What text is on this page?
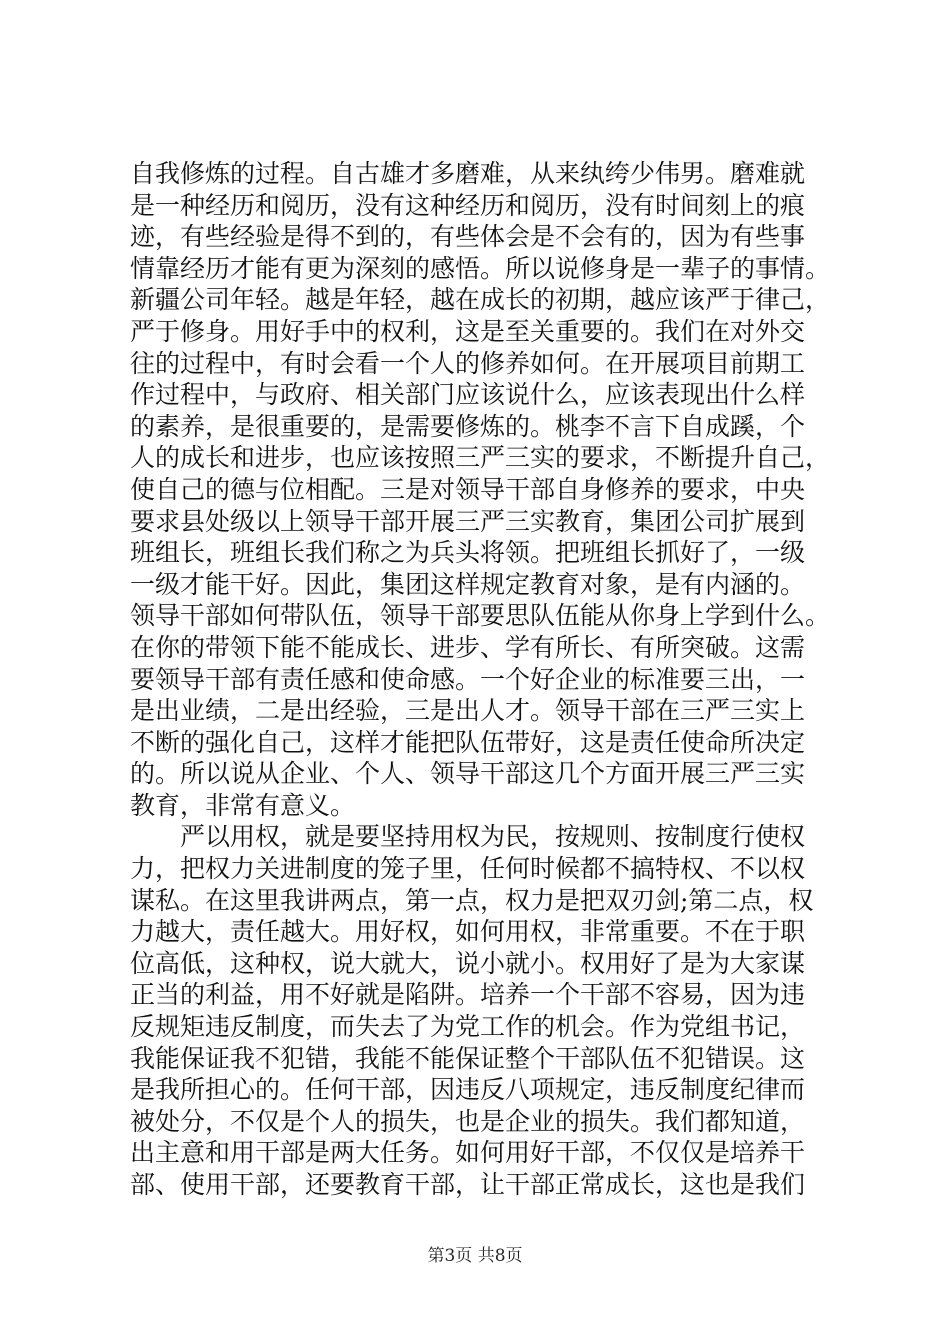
自我修炼的过程。自古雄才多磨难，从来纨绔少伟男。磨难就
是一种经历和阅历，没有这种经历和阅历，没有时间刻上的痕
迹，有些经验是得不到的，有些体会是不会有的，因为有些事
情靠经历才能有更为深刻的感悟。所以说修身是一辈子的事情。
新疆公司年轻。越是年轻，越在成长的初期，越应该严于律己，
严于修身。用好手中的权利，这是至关重要的。我们在对外交
往的过程中，有时会看一个人的修养如何。在开展项目前期工
作过程中，与政府、相关部门应该说什么，应该表现出什么样
的素养，是很重要的，是需要修炼的。桃李不言下自成蹊，个
人的成长和进步，也应该按照三严三实的要求，不断提升自己，
使自己的德与位相配。三是对领导干部自身修养的要求，中央
要求县处级以上领导干部开展三严三实教育，集团公司扩展到
班组长，班组长我们称之为兵头将领。把班组长抓好了，一级
一级才能干好。因此，集团这样规定教育对象，是有内涵的。
领导干部如何带队伍，领导干部要思队伍能从你身上学到什么。
在你的带领下能不能成长、进步、学有所长、有所突破。这需
要领导干部有责任感和使命感。一个好企业的标准要三出，一
是出业绩，二是出经验，三是出人才。领导干部在三严三实上
不断的强化自己，这样才能把队伍带好，这是责任使命所决定
的。所以说从企业、个人、领导干部这几个方面开展三严三实
教育，非常有意义。
　　严以用权，就是要坚持用权为民，按规则、按制度行使权
力，把权力关进制度的笼子里，任何时候都不搞特权、不以权
谋私。在这里我讲两点，第一点，权力是把双刃剑;第二点，权
力越大，责任越大。用好权，如何用权，非常重要。不在于职
位高低，这种权，说大就大，说小就小。权用好了是为大家谋
正当的利益，用不好就是陷阱。培养一个干部不容易，因为违
反规矩违反制度，而失去了为党工作的机会。作为党组书记，
我能保证我不犯错，我能不能保证整个干部队伍不犯错误。这
是我所担心的。任何干部，因违反八项规定，违反制度纪律而
被处分，不仅是个人的损失，也是企业的损失。我们都知道，
出主意和用干部是两大任务。如何用好干部，不仅仅是培养干
部、使用干部，还要教育干部，让干部正常成长，这也是我们
第3页 共8页
